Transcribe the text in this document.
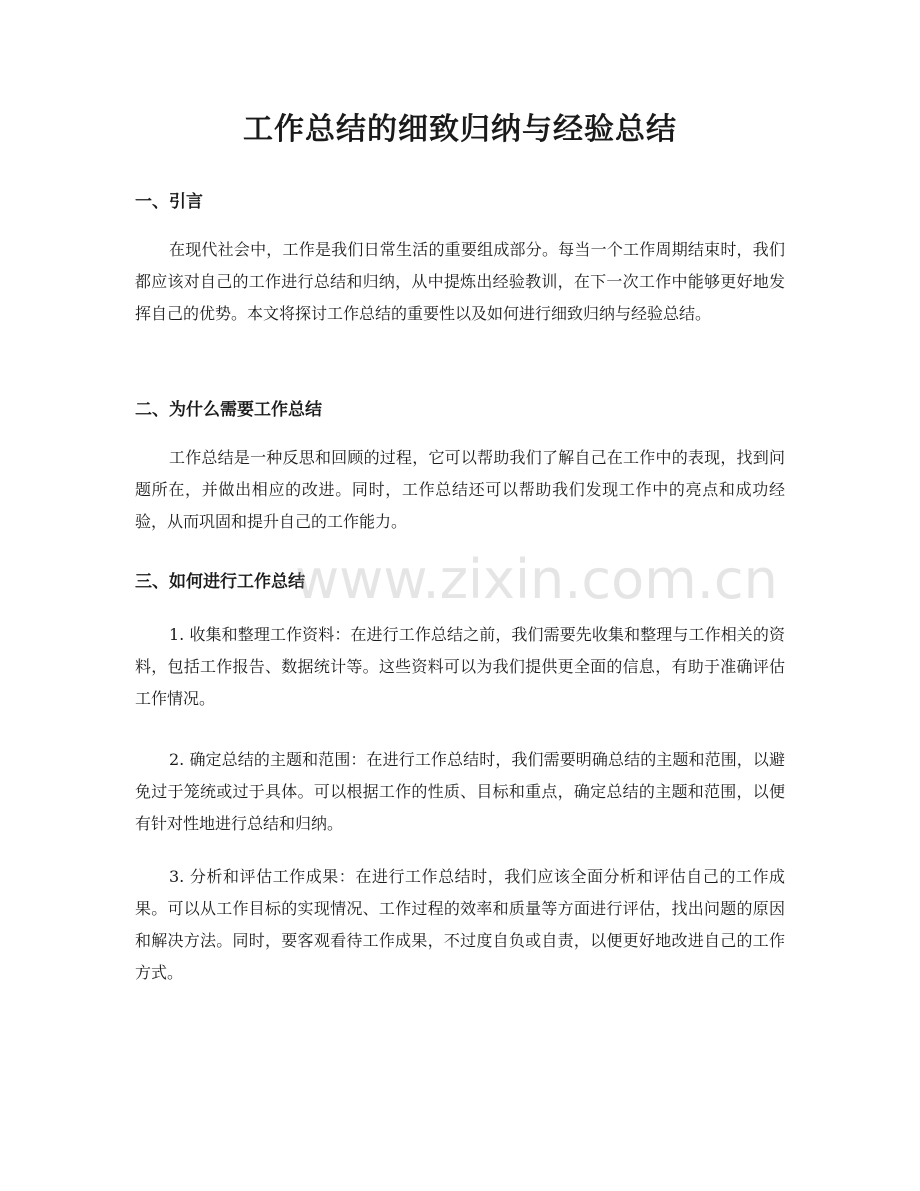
工作总结的细致归纳与经验总结
一、引言

在现代社会中，工作是我们日常生活的重要组成部分。每当一个工作周期结束时，我们都应该对自己的工作进行总结和归纳，从中提炼出经验教训，在下一次工作中能够更好地发挥自己的优势。本文将探讨工作总结的重要性以及如何进行细致归纳与经验总结。

二、为什么需要工作总结

工作总结是一种反思和回顾的过程，它可以帮助我们了解自己在工作中的表现，找到问题所在，并做出相应的改进。同时，工作总结还可以帮助我们发现工作中的亮点和成功经验，从而巩固和提升自己的工作能力。

三、如何进行工作总结

1. 收集和整理工作资料：在进行工作总结之前，我们需要先收集和整理与工作相关的资料，包括工作报告、数据统计等。这些资料可以为我们提供更全面的信息，有助于准确评估工作情况。

2. 确定总结的主题和范围：在进行工作总结时，我们需要明确总结的主题和范围，以避免过于笼统或过于具体。可以根据工作的性质、目标和重点，确定总结的主题和范围，以便有针对性地进行总结和归纳。

3. 分析和评估工作成果：在进行工作总结时，我们应该全面分析和评估自己的工作成果。可以从工作目标的实现情况、工作过程的效率和质量等方面进行评估，找出问题的原因和解决方法。同时，要客观看待工作成果，不过度自负或自责，以便更好地改进自己的工作方式。

www.zixin.com.cn
